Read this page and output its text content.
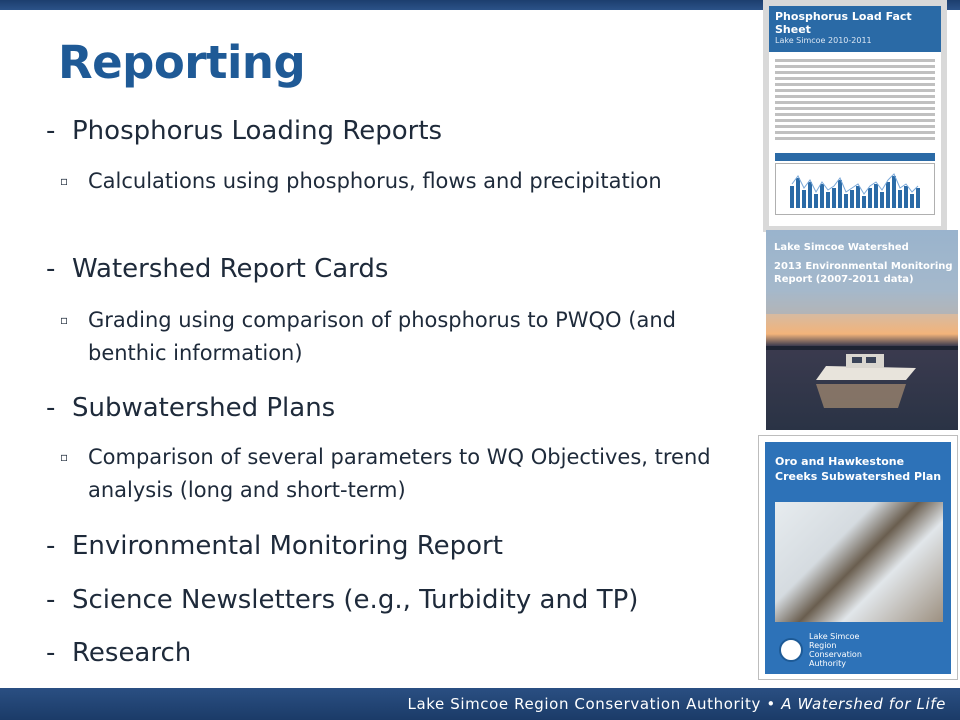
Reporting
- Phosphorus Loading Reports
▫ Calculations using phosphorus, flows and precipitation
- Watershed Report Cards
▫ Grading using comparison of phosphorus to PWQO (and benthic information)
- Subwatershed Plans
▫ Comparison of several parameters to WQ Objectives, trend analysis (long and short-term)
- Environmental Monitoring Report
- Science Newsletters (e.g., Turbidity and TP)
- Research
Phosphorus Load Fact Sheet
Lake Simcoe 2010-2011
Lake Simcoe Watershed
2013 Environmental Monitoring Report (2007-2011 data)
Oro and Hawkestone Creeks Subwatershed Plan
Lake Simcoe Region Conservation Authority
Lake Simcoe Region Conservation Authority • A Watershed for Life
